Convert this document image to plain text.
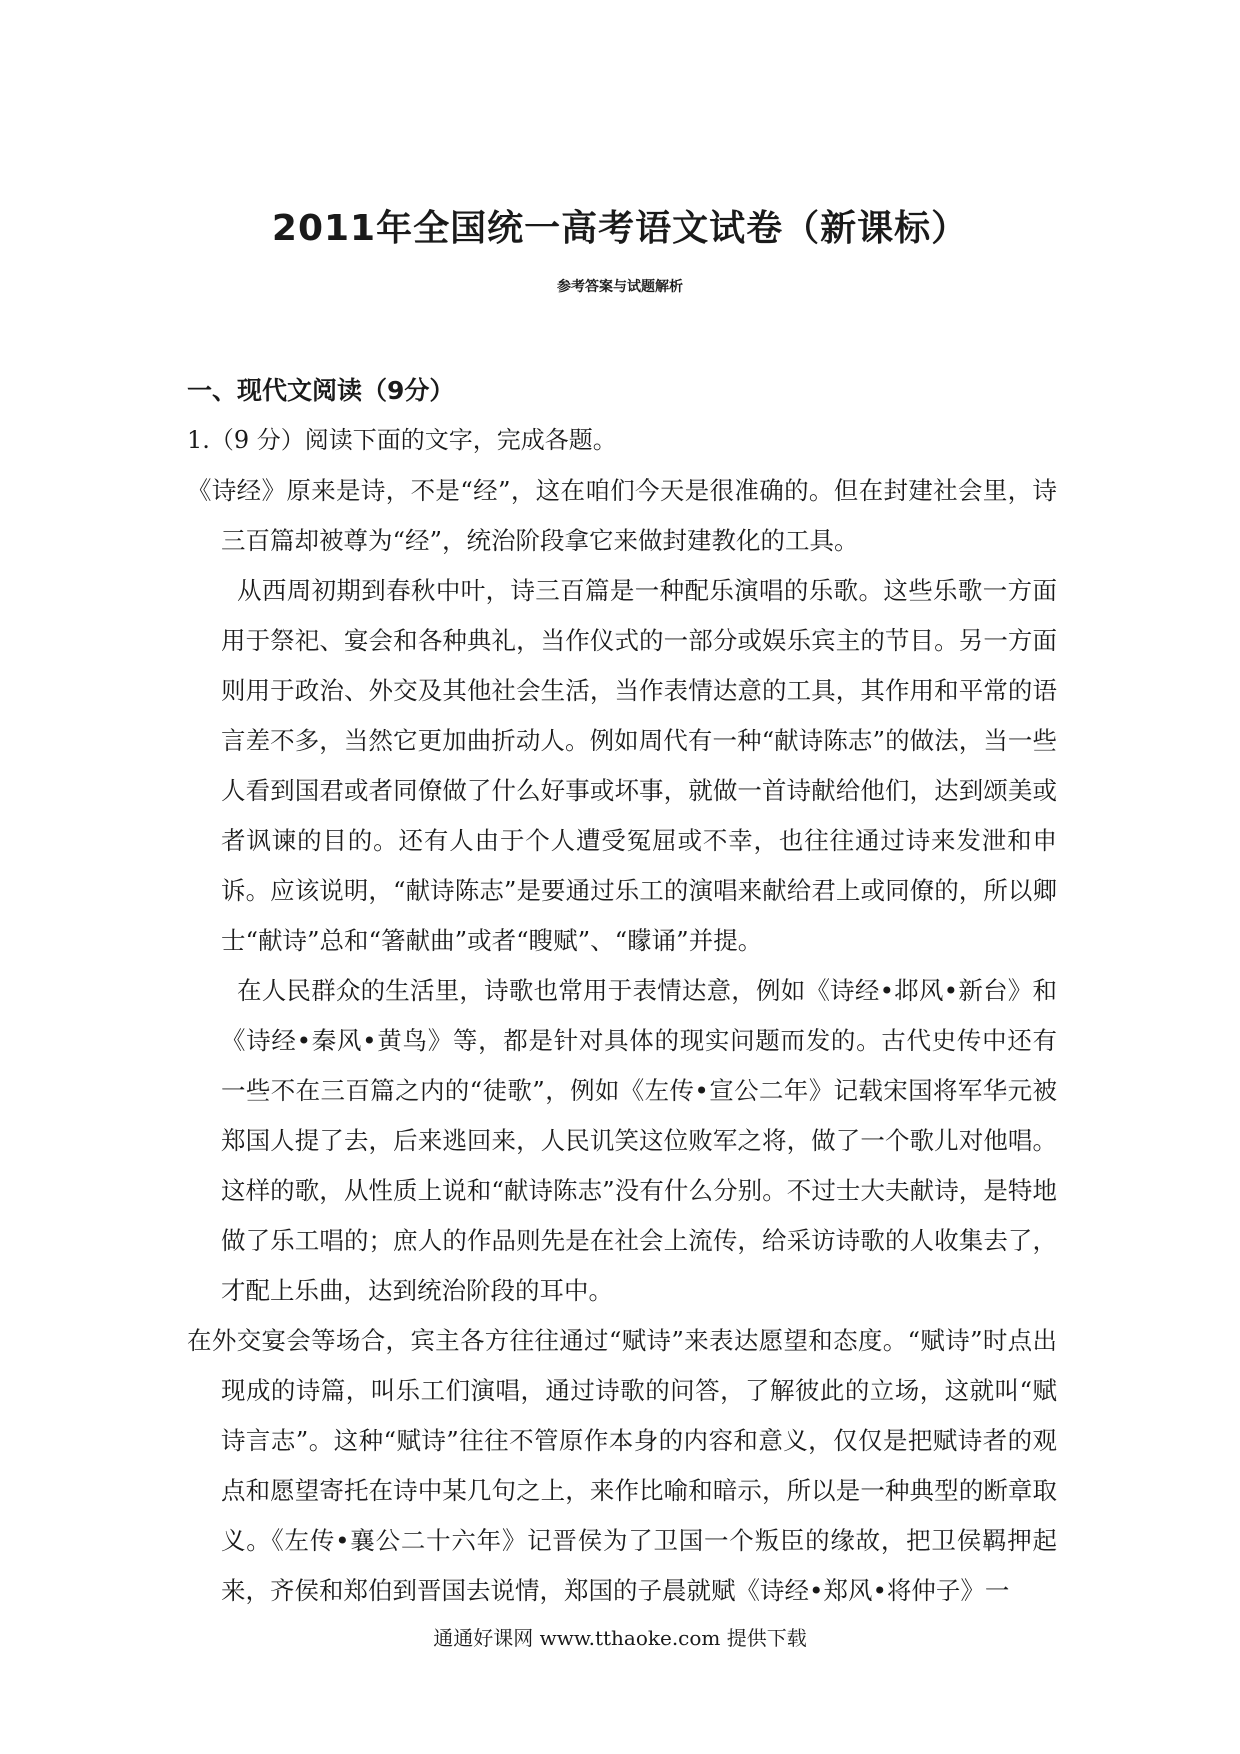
2011年全国统一高考语文试卷（新课标）
参考答案与试题解析
一、现代文阅读（9分）
1.（9 分）阅读下面的文字，完成各题。

《诗经》原来是诗，不是“经”，这在咱们今天是很准确的。但在封建社会里，诗三百篇却被尊为“经”，统治阶段拿它来做封建教化的工具。

从西周初期到春秋中叶，诗三百篇是一种配乐演唱的乐歌。这些乐歌一方面用于祭祀、宴会和各种典礼，当作仪式的一部分或娱乐宾主的节目。另一方面则用于政治、外交及其他社会生活，当作表情达意的工具，其作用和平常的语言差不多，当然它更加曲折动人。例如周代有一种“献诗陈志”的做法，当一些人看到国君或者同僚做了什么好事或坏事，就做一首诗献给他们，达到颂美或者讽谏的目的。还有人由于个人遭受冤屈或不幸，也往往通过诗来发泄和申诉。应该说明，“献诗陈志”是要通过乐工的演唱来献给君上或同僚的，所以卿士“献诗”总和“箸献曲”或者“瞍赋”、“矇诵”并提。

在人民群众的生活里，诗歌也常用于表情达意，例如《诗经•邶风•新台》和《诗经•秦风•黄鸟》等，都是针对具体的现实问题而发的。古代史传中还有一些不在三百篇之内的“徒歌”，例如《左传•宣公二年》记载宋国将军华元被郑国人提了去，后来逃回来，人民讥笑这位败军之将，做了一个歌儿对他唱。这样的歌，从性质上说和“献诗陈志”没有什么分别。不过士大夫献诗，是特地做了乐工唱的；庶人的作品则先是在社会上流传，给采访诗歌的人收集去了，才配上乐曲，达到统治阶段的耳中。

在外交宴会等场合，宾主各方往往通过“赋诗”来表达愿望和态度。“赋诗”时点出现成的诗篇，叫乐工们演唱，通过诗歌的问答，了解彼此的立场，这就叫“赋诗言志”。这种“赋诗”往往不管原作本身的内容和意义，仅仅是把赋诗者的观点和愿望寄托在诗中某几句之上，来作比喻和暗示，所以是一种典型的断章取义。《左传•襄公二十六年》记晋侯为了卫国一个叛臣的缘故，把卫侯羁押起来，齐侯和郑伯到晋国去说情，郑国的子晨就赋《诗经•郑风•将仲子》一

通通好课网 www.tthaoke.com 提供下载
